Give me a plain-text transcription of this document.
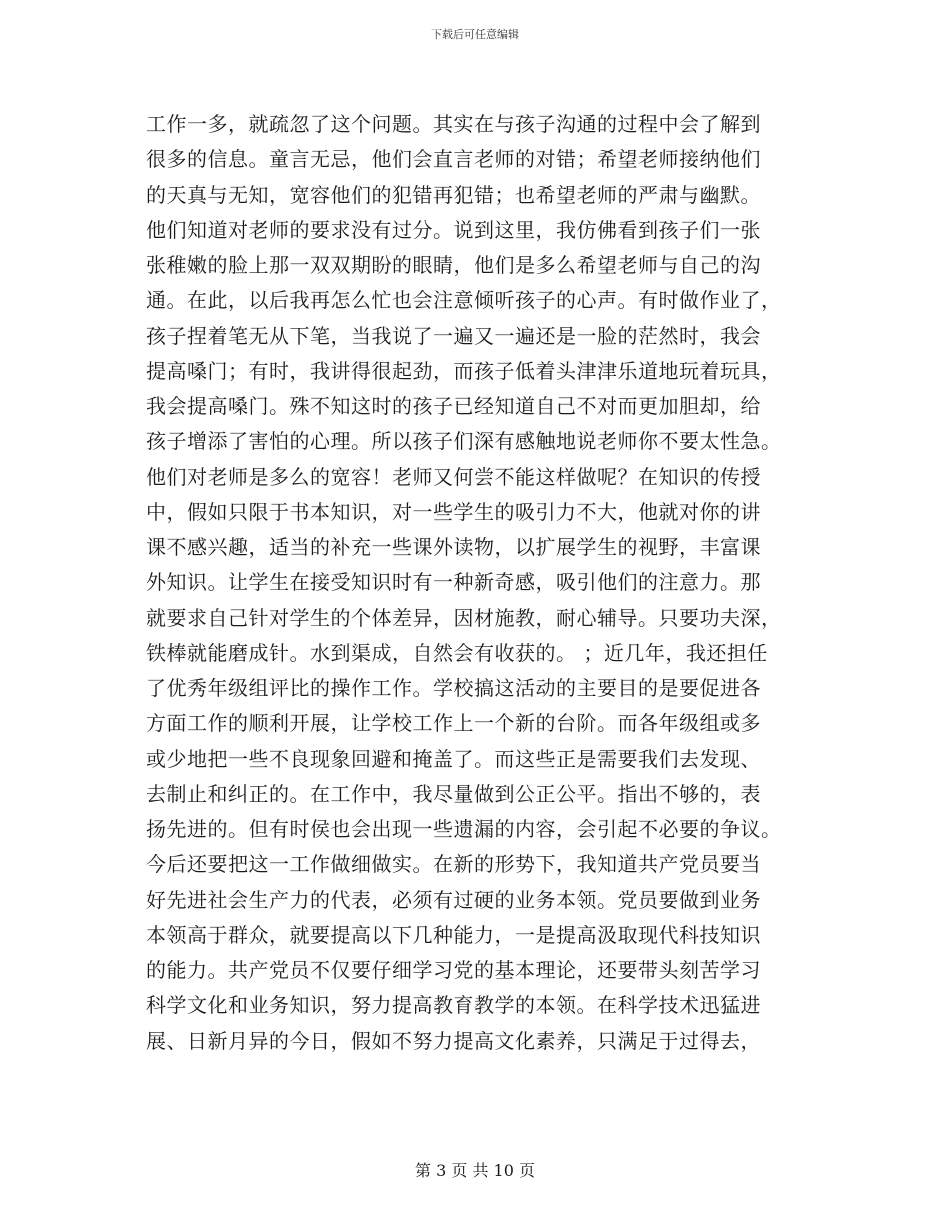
下载后可任意编辑
工作一多，就疏忽了这个问题。其实在与孩子沟通的过程中会了解到
很多的信息。童言无忌，他们会直言老师的对错；希望老师接纳他们
的天真与无知，宽容他们的犯错再犯错；也希望老师的严肃与幽默。
他们知道对老师的要求没有过分。说到这里，我仿佛看到孩子们一张
张稚嫩的脸上那一双双期盼的眼睛，他们是多么希望老师与自己的沟
通。在此，以后我再怎么忙也会注意倾听孩子的心声。有时做作业了，
孩子捏着笔无从下笔，当我说了一遍又一遍还是一脸的茫然时，我会
提高嗓门；有时，我讲得很起劲，而孩子低着头津津乐道地玩着玩具，
我会提高嗓门。殊不知这时的孩子已经知道自己不对而更加胆却，给
孩子增添了害怕的心理。所以孩子们深有感触地说老师你不要太性急。
他们对老师是多么的宽容！老师又何尝不能这样做呢？在知识的传授
中，假如只限于书本知识，对一些学生的吸引力不大，他就对你的讲
课不感兴趣，适当的补充一些课外读物，以扩展学生的视野，丰富课
外知识。让学生在接受知识时有一种新奇感，吸引他们的注意力。那
就要求自己针对学生的个体差异，因材施教，耐心辅导。只要功夫深，
铁棒就能磨成针。水到渠成，自然会有收获的。 ；近几年，我还担任
了优秀年级组评比的操作工作。学校搞这活动的主要目的是要促进各
方面工作的顺利开展，让学校工作上一个新的台阶。而各年级组或多
或少地把一些不良现象回避和掩盖了。而这些正是需要我们去发现、
去制止和纠正的。在工作中，我尽量做到公正公平。指出不够的，表
扬先进的。但有时侯也会出现一些遗漏的内容，会引起不必要的争议。
今后还要把这一工作做细做实。在新的形势下，我知道共产党员要当
好先进社会生产力的代表，必须有过硬的业务本领。党员要做到业务
本领高于群众，就要提高以下几种能力，一是提高汲取现代科技知识
的能力。共产党员不仅要仔细学习党的基本理论，还要带头刻苦学习
科学文化和业务知识，努力提高教育教学的本领。在科学技术迅猛进
展、日新月异的今日，假如不努力提高文化素养，只满足于过得去，
第 3 页 共 10 页
